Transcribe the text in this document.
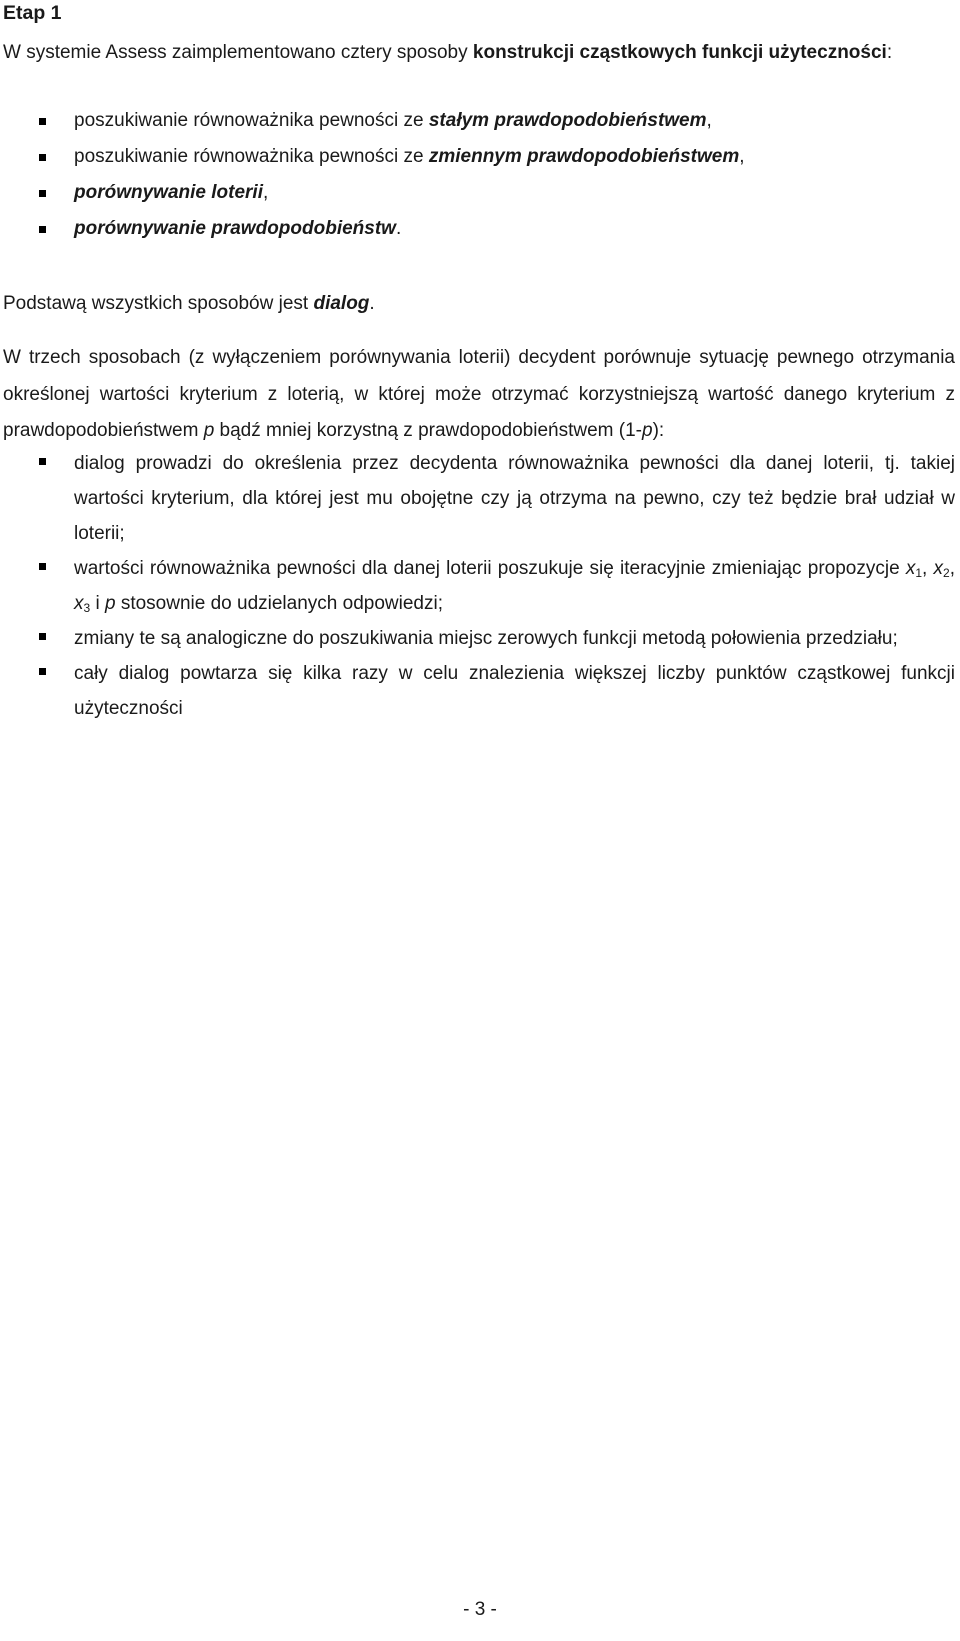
Etap 1

W systemie Assess zaimplementowano cztery sposoby konstrukcji cząstkowych funkcji użyteczności:

poszukiwanie równoważnika pewności ze stałym prawdopodobieństwem,
poszukiwanie równoważnika pewności ze zmiennym prawdopodobieństwem,
porównywanie loterii,
porównywanie prawdopodobieństw.

Podstawą wszystkich sposobów jest dialog.

W trzech sposobach (z wyłączeniem porównywania loterii) decydent porównuje sytuację pewnego otrzymania określonej wartości kryterium z loterią, w której może otrzymać korzystniejszą wartość danego kryterium z prawdopodobieństwem p bądź mniej korzystną z prawdopodobieństwem (1-p):

dialog prowadzi do określenia przez decydenta równoważnika pewności dla danej loterii, tj. takiej wartości kryterium, dla której jest mu obojętne czy ją otrzyma na pewno, czy też będzie brał udział w loterii;
wartości równoważnika pewności dla danej loterii poszukuje się iteracyjnie zmieniając propozycje $x_1$, $x_2$, $x_3$ i p stosownie do udzielanych odpowiedzi;
zmiany te są analogiczne do poszukiwania miejsc zerowych funkcji metodą połowienia przedziału;
cały dialog powtarza się kilka razy w celu znalezienia większej liczby punktów cząstkowej funkcji użyteczności
- 3 -
